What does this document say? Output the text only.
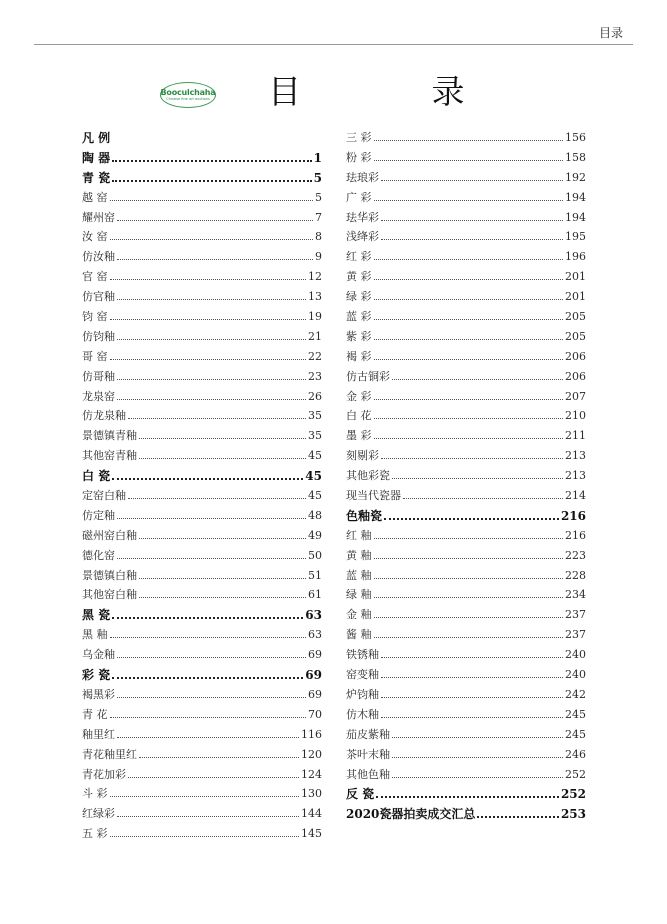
目录
Booculchaha
Chinese fine art auctions 目 录
凡 例
陶 器	1
青 瓷	5
越 窑	5
耀州窑	7
汝 窑	8
仿汝釉	9
官 窑	12
仿官釉	13
钧 窑	19
仿钧釉	21
哥 窑	22
仿哥釉	23
龙泉窑	26
仿龙泉釉	35
景德镇青釉	35
其他窑青釉	45
白 瓷	45
定窑白釉	45
仿定釉	48
磁州窑白釉	49
德化窑	50
景德镇白釉	51
其他窑白釉	61
黑 瓷	63
黑 釉	63
乌金釉	69
彩 瓷	69
褐黑彩	69
青 花	70
釉里红	116
青花釉里红	120
青花加彩	124
斗 彩	130
红绿彩	144
五 彩	145
三 彩	156
粉 彩	158
珐琅彩	192
广 彩	194
珐华彩	194
浅绛彩	195
红 彩	196
黄 彩	201
绿 彩	201
蓝 彩	205
紫 彩	205
褐 彩	206
仿古铜彩	206
金 彩	207
白 花	210
墨 彩	211
刻剔彩	213
其他彩瓷	213
现当代瓷器	214
色釉瓷	216
红 釉	216
黄 釉	223
蓝 釉	228
绿 釉	234
金 釉	237
酱 釉	237
铁锈釉	240
窑变釉	240
炉钧釉	242
仿木釉	245
茄皮紫釉	245
茶叶末釉	246
其他色釉	252
反 瓷	252
2020瓷器拍卖成交汇总	253
